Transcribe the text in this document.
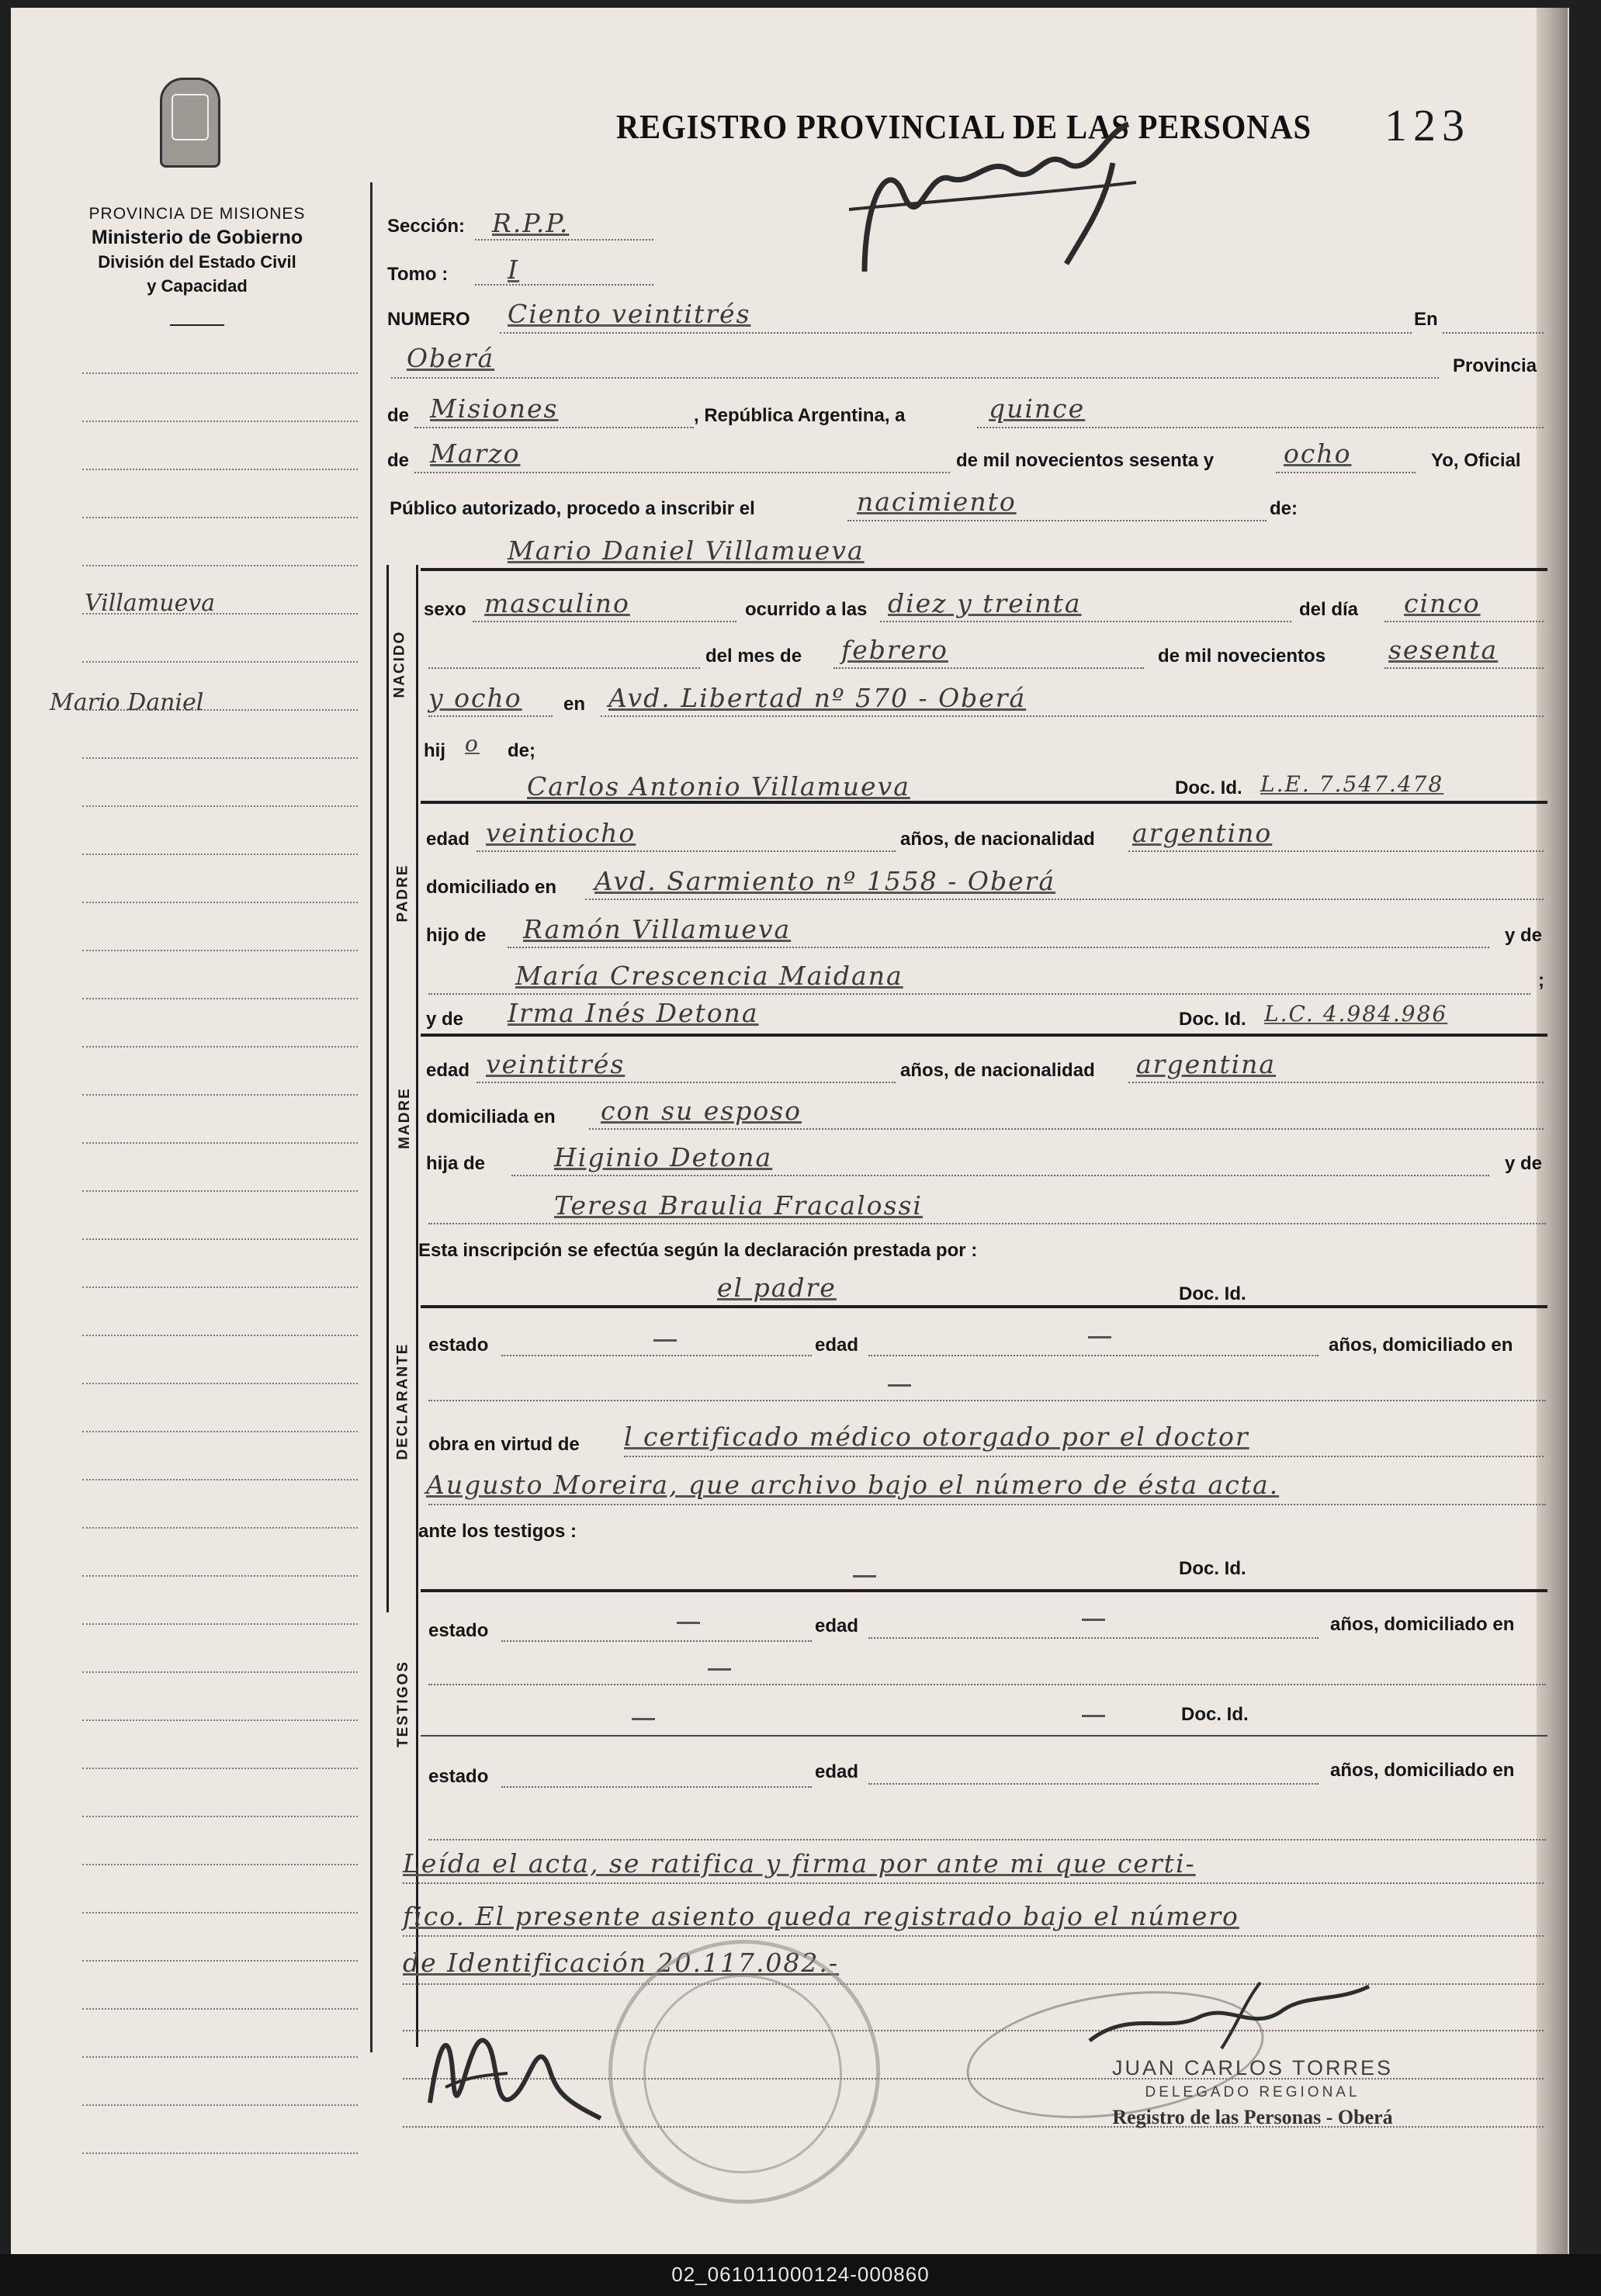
PROVINCIA DE MISIONES
Ministerio de Gobierno
División del Estado Civil
y Capacidad
Villamueva
Mario Daniel
REGISTRO PROVINCIAL DE LAS PERSONAS 123
Sección: R.P.P.
Tomo : I
NUMERO Ciento veintitrés	En
Oberá	Provincia
de Misiones	, República Argentina, a	quince
de Marzo	de mil novecientos sesenta y	ocho	Yo, Oficial
Público autorizado, procedo a inscribir el	nacimiento	de:
NACIDO
PADRE
MADRE
DECLARANTE
TESTIGOS
Mario Daniel Villamueva
sexo masculino	ocurrido a las diez y treinta	del día cinco
del mes de febrero	de mil novecientos sesenta
y ocho en Avd. Libertad nº 570 - Oberá
hij o de;
Carlos Antonio Villamueva	Doc. Id. L.E. 7.547.478
edad veintiocho	años, de nacionalidad argentino
domiciliado en Avd. Sarmiento nº 1558 - Oberá
hijo de Ramón Villamueva	y de
María Crescencia Maidana	;
y de Irma Inés Detona	Doc. Id. L.C. 4.984.986
edad veintitrés	años, de nacionalidad argentina
domiciliada en con su esposo
hija de	Higinio Detona	y de
Teresa Braulia Fracalossi
Esta inscripción se efectúa según la declaración prestada por :
el padre	Doc. Id.
estado	edad	años, domiciliado en
obra en virtud de l certificado médico otorgado por el doctor
Augusto Moreira, que archivo bajo el número de ésta acta.
ante los testigos :
Doc. Id.
estado	edad	años, domiciliado en
Doc. Id.
estado	edad	años, domiciliado en
Leída el acta, se ratifica y firma por ante mi que certi-
fico. El presente asiento queda registrado bajo el número
de Identificación 20.117.082.-
JUAN CARLOS TORRES
DELEGADO REGIONAL
Registro de las Personas - Oberá
02_061011000124-000860
